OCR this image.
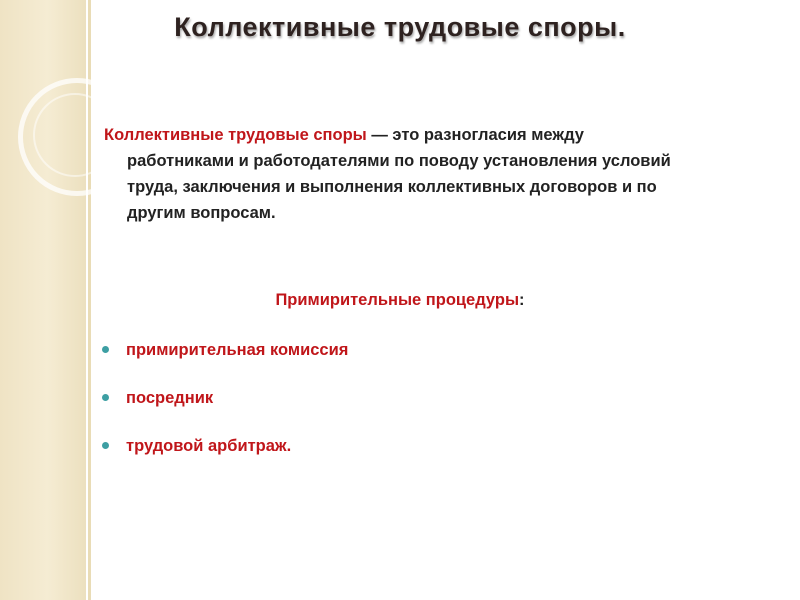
Коллективные трудовые споры.
Коллективные трудовые споры — это разногласия между
работниками и работодателями по поводу установления условий
труда, заключения и выполнения коллективных договоров и по
другим вопросам.
Примирительные процедуры:
примирительная комиссия
посредник
трудовой арбитраж.
